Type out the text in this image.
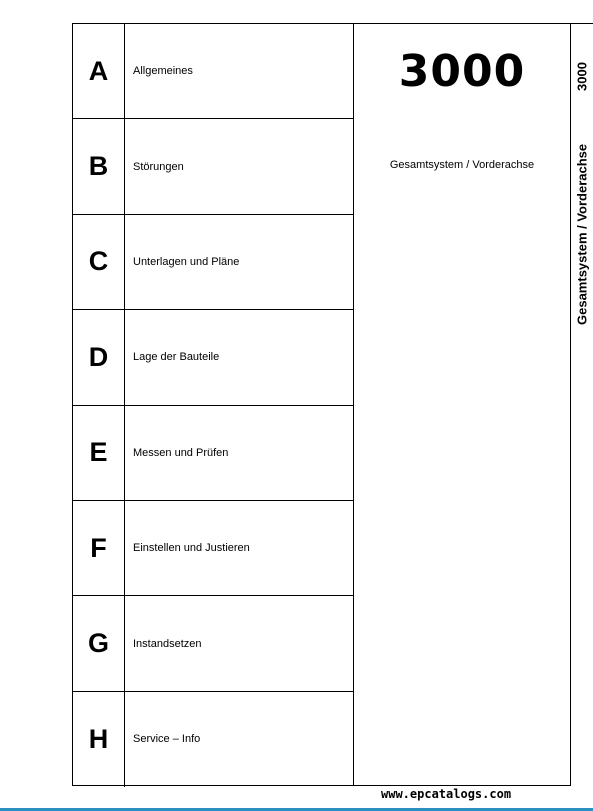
A	Allgemeines
B	Störungen
C	Unterlagen und Pläne
D	Lage der Bauteile
E	Messen und Prüfen
F	Einstellen und Justieren
G	Instandsetzen
H	Service – Info
3000
Gesamtsystem / Vorderachse
3000
Gesamtsystem / Vorderachse
www.epcatalogs.com
